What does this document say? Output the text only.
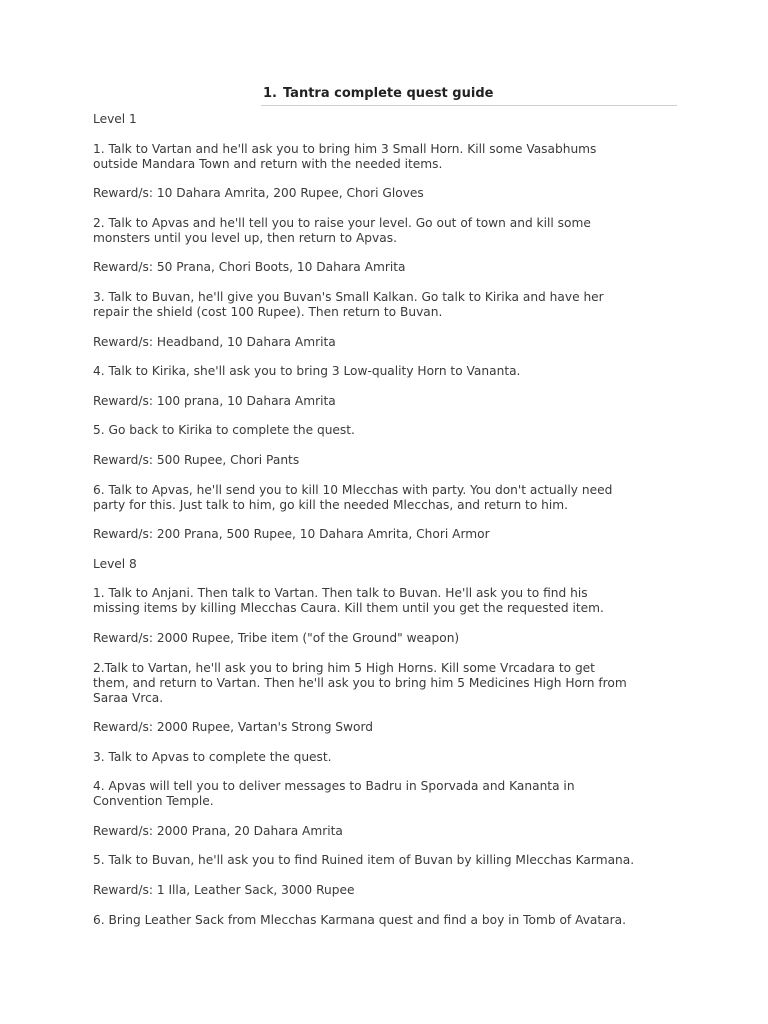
1. Tantra complete quest guide

Level 1

1. Talk to Vartan and he'll ask you to bring him 3 Small Horn. Kill some Vasabhums
outside Mandara Town and return with the needed items.

Reward/s: 10 Dahara Amrita, 200 Rupee, Chori Gloves

2. Talk to Apvas and he'll tell you to raise your level. Go out of town and kill some
monsters until you level up, then return to Apvas.

Reward/s: 50 Prana, Chori Boots, 10 Dahara Amrita

3. Talk to Buvan, he'll give you Buvan's Small Kalkan. Go talk to Kirika and have her
repair the shield (cost 100 Rupee). Then return to Buvan.

Reward/s: Headband, 10 Dahara Amrita

4. Talk to Kirika, she'll ask you to bring 3 Low-quality Horn to Vananta.

Reward/s: 100 prana, 10 Dahara Amrita

5. Go back to Kirika to complete the quest.

Reward/s: 500 Rupee, Chori Pants

6. Talk to Apvas, he'll send you to kill 10 Mlecchas with party. You don't actually need
party for this. Just talk to him, go kill the needed Mlecchas, and return to him.

Reward/s: 200 Prana, 500 Rupee, 10 Dahara Amrita, Chori Armor

Level 8

1. Talk to Anjani. Then talk to Vartan. Then talk to Buvan. He'll ask you to find his
missing items by killing Mlecchas Caura. Kill them until you get the requested item.

Reward/s: 2000 Rupee, Tribe item ("of the Ground" weapon)

2.Talk to Vartan, he'll ask you to bring him 5 High Horns. Kill some Vrcadara to get
them, and return to Vartan. Then he'll ask you to bring him 5 Medicines High Horn from
Saraa Vrca.

Reward/s: 2000 Rupee, Vartan's Strong Sword

3. Talk to Apvas to complete the quest.

4. Apvas will tell you to deliver messages to Badru in Sporvada and Kananta in
Convention Temple.

Reward/s: 2000 Prana, 20 Dahara Amrita

5. Talk to Buvan, he'll ask you to find Ruined item of Buvan by killing Mlecchas Karmana.

Reward/s: 1 Illa, Leather Sack, 3000 Rupee

6. Bring Leather Sack from Mlecchas Karmana quest and find a boy in Tomb of Avatara.
